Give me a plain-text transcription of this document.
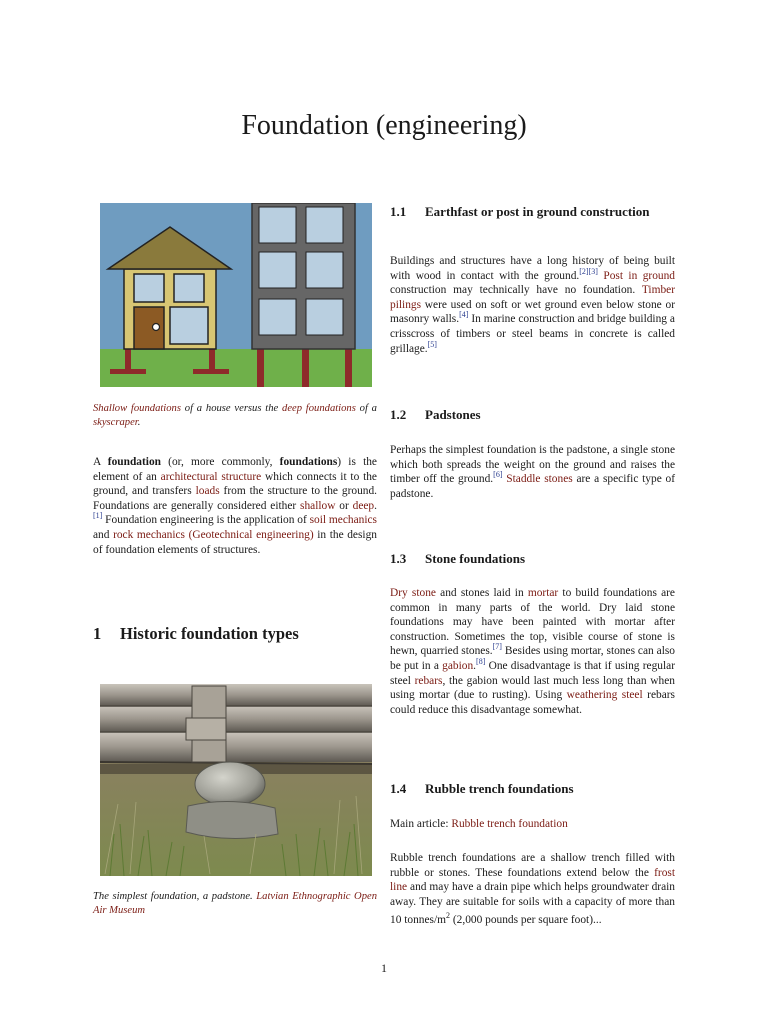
Foundation (engineering)

Shallow foundations of a house versus the deep foundations of a skyscraper.

A foundation (or, more commonly, foundations) is the element of an architectural structure which connects it to the ground, and transfers loads from the structure to the ground. Foundations are generally considered either shallow or deep.[1] Foundation engineering is the application of soil mechanics and rock mechanics (Geotechnical engineering) in the design of foundation elements of structures.

1 Historic foundation types

The simplest foundation, a padstone. Latvian Ethnographic Open Air Museum

1.1	Earthfast or post in ground construction

Buildings and structures have a long history of being built with wood in contact with the ground.[2][3] Post in ground construction may technically have no foundation. Timber pilings were used on soft or wet ground even below stone or masonry walls.[4] In marine construction and bridge building a crisscross of timbers or steel beams in concrete is called grillage.[5]

1.2	Padstones

Perhaps the simplest foundation is the padstone, a single stone which both spreads the weight on the ground and raises the timber off the ground.[6] Staddle stones are a specific type of padstone.

1.3	Stone foundations

Dry stone and stones laid in mortar to build foundations are common in many parts of the world. Dry laid stone foundations may have been painted with mortar after construction. Sometimes the top, visible course of stone is hewn, quarried stones.[7] Besides using mortar, stones can also be put in a gabion.[8] One disadvantage is that if using regular steel rebars, the gabion would last much less long than when using mortar (due to rusting). Using weathering steel rebars could reduce this disadvantage somewhat.

1.4	Rubble trench foundations

Main article: Rubble trench foundation

Rubble trench foundations are a shallow trench filled with rubble or stones. These foundations extend below the frost line and may have a drain pipe which helps groundwater drain away. They are suitable for soils with a capacity of more than 10 tonnes/$m^2$ (2,000 pounds per square foot)...

1
